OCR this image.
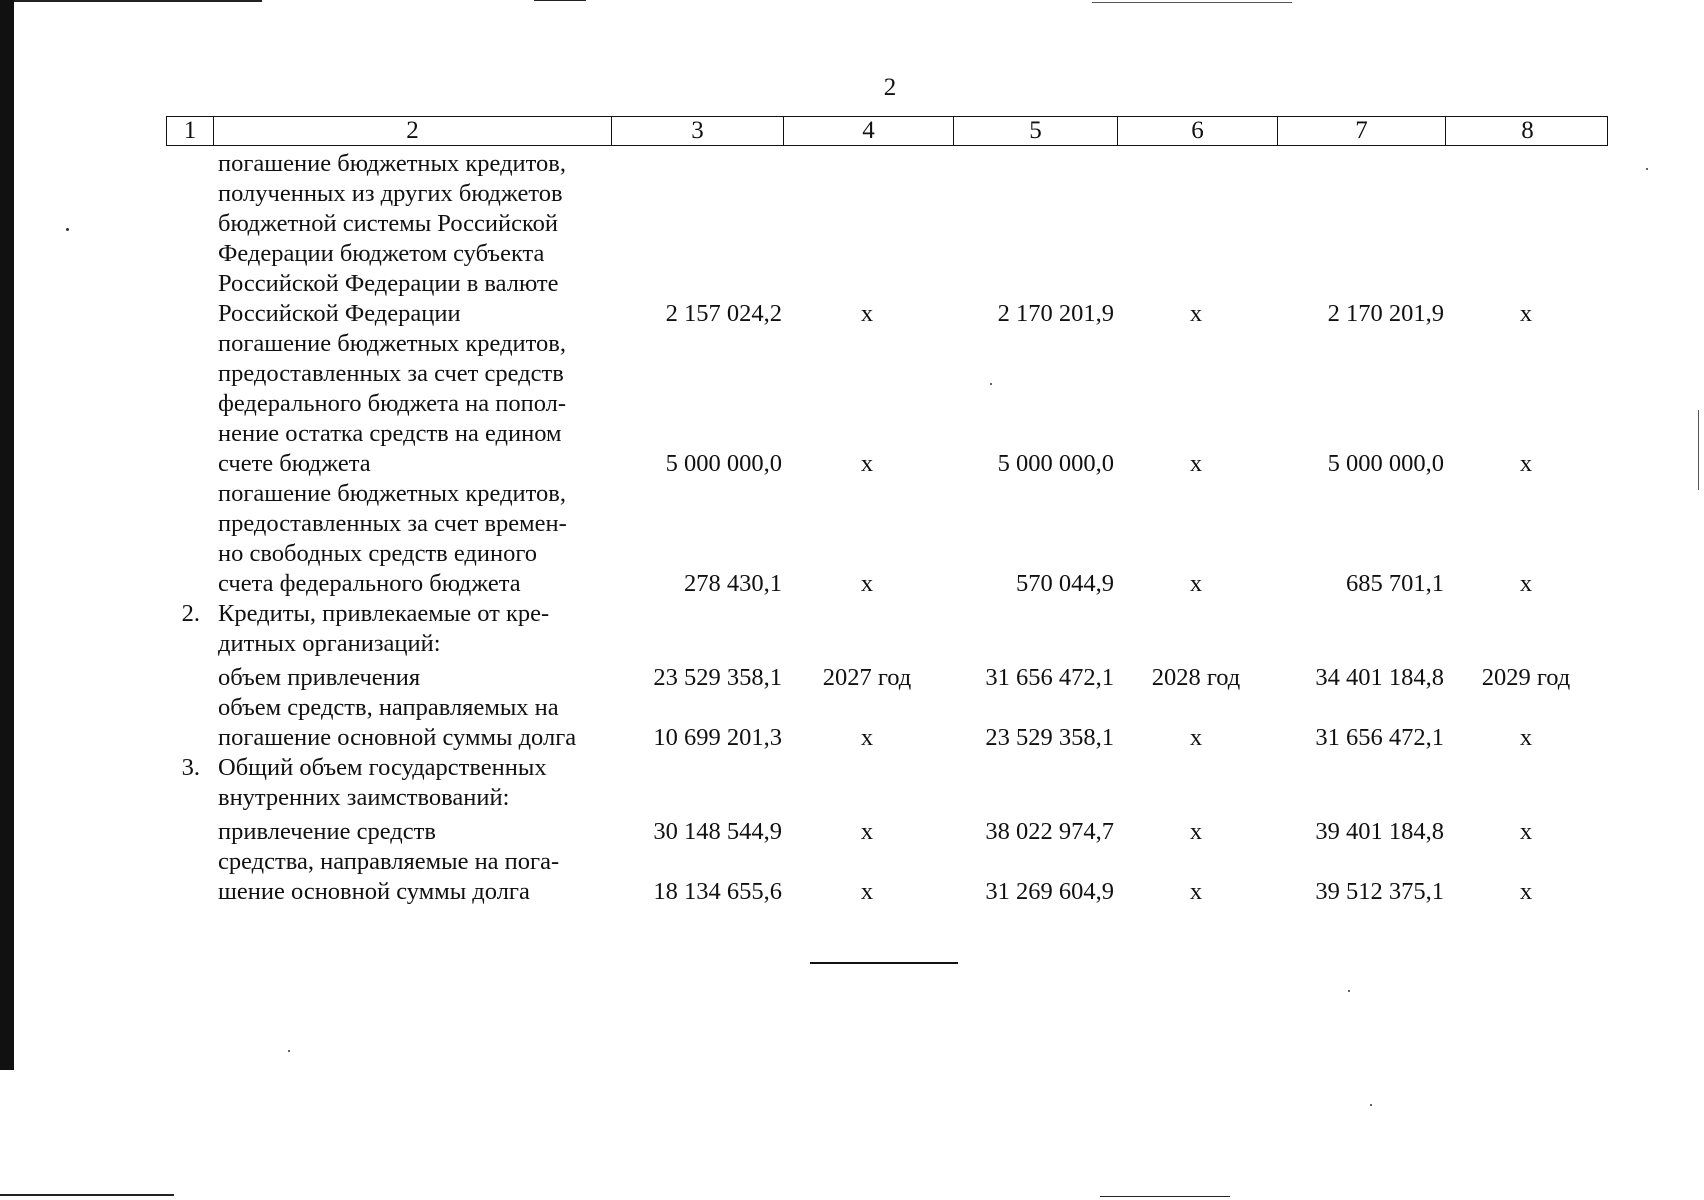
2
1	2	3	4	5	6	7	8
погашение бюджетных кредитов,
полученных из других бюджетов
бюджетной системы Российской
Федерации бюджетом субъекта
Российской Федерации в валюте
Российской Федерации	2 157 024,2	x	2 170 201,9	x	2 170 201,9	x
погашение бюджетных кредитов,
предоставленных за счет средств
федерального бюджета на попол-
нение остатка средств на едином
счете бюджета	5 000 000,0	x	5 000 000,0	x	5 000 000,0	x
погашение бюджетных кредитов,
предоставленных за счет времен-
но свободных средств единого
счета федерального бюджета	278 430,1	x	570 044,9	x	685 701,1	x
2. Кредиты, привлекаемые от кре-
дитных организаций:
объем привлечения	23 529 358,1	2027 год	31 656 472,1	2028 год	34 401 184,8	2029 год
объем средств, направляемых на
погашение основной суммы долга	10 699 201,3	x	23 529 358,1	x	31 656 472,1	x
3. Общий объем государственных
внутренних заимствований:
привлечение средств	30 148 544,9	x	38 022 974,7	x	39 401 184,8	x
средства, направляемые на пога-
шение основной суммы долга	18 134 655,6	x	31 269 604,9	x	39 512 375,1	x
